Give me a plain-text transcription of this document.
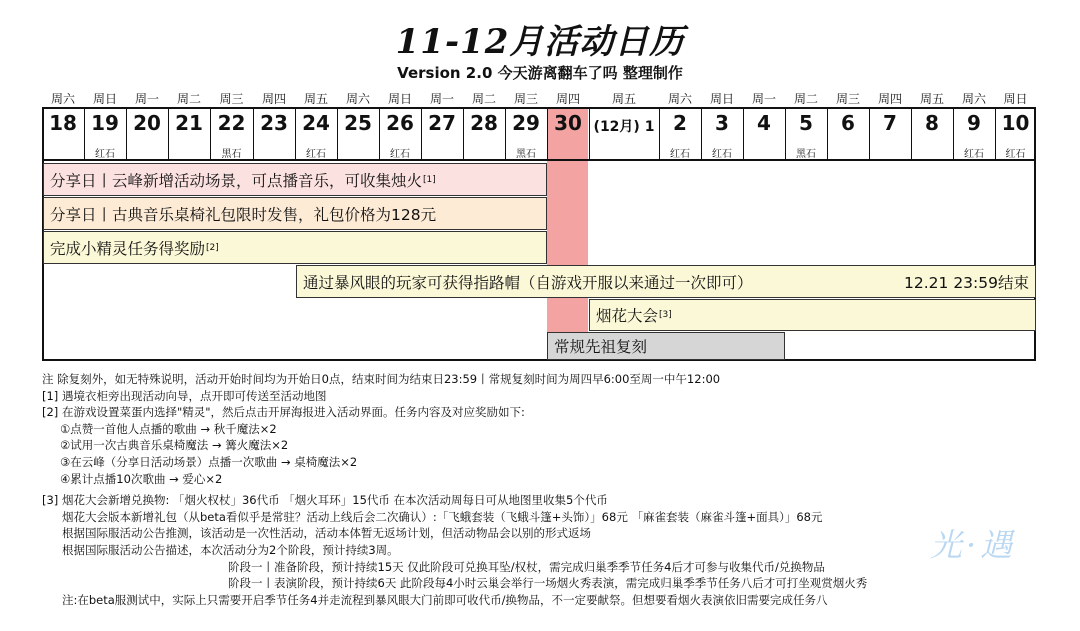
11-12月活动日历
Version 2.0 今天游离翻车了吗 整理制作
周六
18
周日
19
红石
周一
20
周二
21
周三
22
黑石
周四
23
周五
24
红石
周六
25
周日
26
红石
周一
27
周二
28
周三
29
黑石
周四
30
周五
(12月) 1
周六
2
红石
周日
3
红石
周一
4
周二
5
黑石
周三
6
周四
7
周五
8
周六
9
红石
周日
10
红石
分享日丨云峰新增活动场景，可点播音乐，可收集烛火 [1]
分享日丨古典音乐桌椅礼包限时发售，礼包价格为128元
完成小精灵任务得奖励 [2]
通过暴风眼的玩家可获得指路帽（自游戏开服以来通过一次即可）	12.21 23:59结束
烟花大会 [3]
常规先祖复刻
注 除复刻外，如无特殊说明，活动开始时间均为开始日0点，结束时间为结束日23:59丨常规复刻时间为周四早6:00至周一中午12:00
[1] 遇境衣柜旁出现活动向导，点开即可传送至活动地图
[2] 在游戏设置菜蛋内选择"精灵"，然后点击开屏海报进入活动界面。任务内容及对应奖励如下:
①点赞一首他人点播的歌曲 → 秋千魔法×2
②试用一次古典音乐桌椅魔法 → 篝火魔法×2
③在云峰（分享日活动场景）点播一次歌曲 → 桌椅魔法×2
④累计点播10次歌曲 → 爱心×2
[3] 烟花大会新增兑换物: 「烟火权杖」36代币 「烟火耳环」15代币 在本次活动周每日可从地图里收集5个代币
烟花大会版本新增礼包（从beta看似乎是常驻？活动上线后会二次确认）:「飞蛾套装（飞蛾斗篷+头饰）」68元 「麻雀套装（麻雀斗篷+面具）」68元
根据国际服活动公告推测，该活动是一次性活动，活动本体暂无返场计划，但活动物品会以别的形式返场
根据国际服活动公告描述，本次活动分为2个阶段，预计持续3周。
阶段一丨准备阶段，预计持续15天 仅此阶段可兑换耳坠/权杖，需完成归巢季季节任务4后才可参与收集代币/兑换物品
阶段一丨表演阶段，预计持续6天 此阶段每4小时云巢会举行一场烟火秀表演，需完成归巢季季节任务八后才可打坐观赏烟火秀
注:在beta服测试中，实际上只需要开启季节任务4并走流程到暴风眼大门前即可收代币/换物品，不一定要献祭。但想要看烟火表演依旧需要完成任务八
光·遇
